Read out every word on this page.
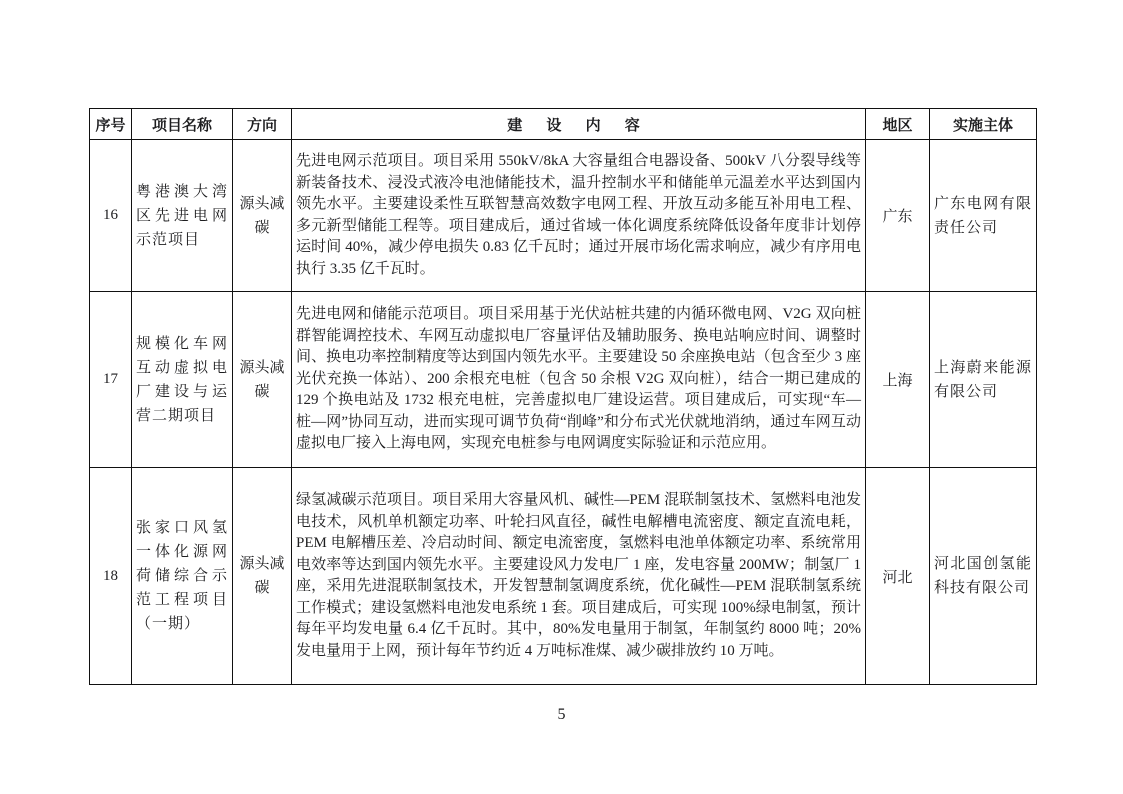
序号	项目名称	方向	建 设 内 容	地区	实施主体
16	粤港澳大湾区先进电网示范项目	源头减碳	先进电网示范项目。项目采用 550kV/8kA 大容量组合电器设备、500kV 八分裂导线等新装备技术、浸没式液冷电池储能技术，温升控制水平和储能单元温差水平达到国内领先水平。主要建设柔性互联智慧高效数字电网工程、开放互动多能互补用电工程、多元新型储能工程等。项目建成后，通过省域一体化调度系统降低设备年度非计划停运时间 40%，减少停电损失 0.83 亿千瓦时；通过开展市场化需求响应，减少有序用电执行 3.35 亿千瓦时。	广东	广东电网有限责任公司
17	规模化车网互动虚拟电厂建设与运营二期项目	源头减碳	先进电网和储能示范项目。项目采用基于光伏站桩共建的内循环微电网、V2G 双向桩群智能调控技术、车网互动虚拟电厂容量评估及辅助服务、换电站响应时间、调整时间、换电功率控制精度等达到国内领先水平。主要建设 50 余座换电站（包含至少 3 座光伏充换一体站）、200 余根充电桩（包含 50 余根 V2G 双向桩），结合一期已建成的 129 个换电站及 1732 根充电桩，完善虚拟电厂建设运营。项目建成后，可实现“车—桩—网”协同互动，进而实现可调节负荷“削峰”和分布式光伏就地消纳，通过车网互动虚拟电厂接入上海电网，实现充电桩参与电网调度实际验证和示范应用。	上海	上海蔚来能源有限公司
18	张家口风氢一体化源网荷储综合示范工程项目（一期）	源头减碳	绿氢减碳示范项目。项目采用大容量风机、碱性—PEM 混联制氢技术、氢燃料电池发电技术，风机单机额定功率、叶轮扫风直径，碱性电解槽电流密度、额定直流电耗，PEM 电解槽压差、冷启动时间、额定电流密度，氢燃料电池单体额定功率、系统常用电效率等达到国内领先水平。主要建设风力发电厂 1 座，发电容量 200MW；制氢厂 1 座，采用先进混联制氢技术，开发智慧制氢调度系统，优化碱性—PEM 混联制氢系统工作模式；建设氢燃料电池发电系统 1 套。项目建成后，可实现 100%绿电制氢，预计每年平均发电量 6.4 亿千瓦时。其中，80%发电量用于制氢，年制氢约 8000 吨；20%发电量用于上网，预计每年节约近 4 万吨标准煤、减少碳排放约 10 万吨。	河北	河北国创氢能科技有限公司
5
